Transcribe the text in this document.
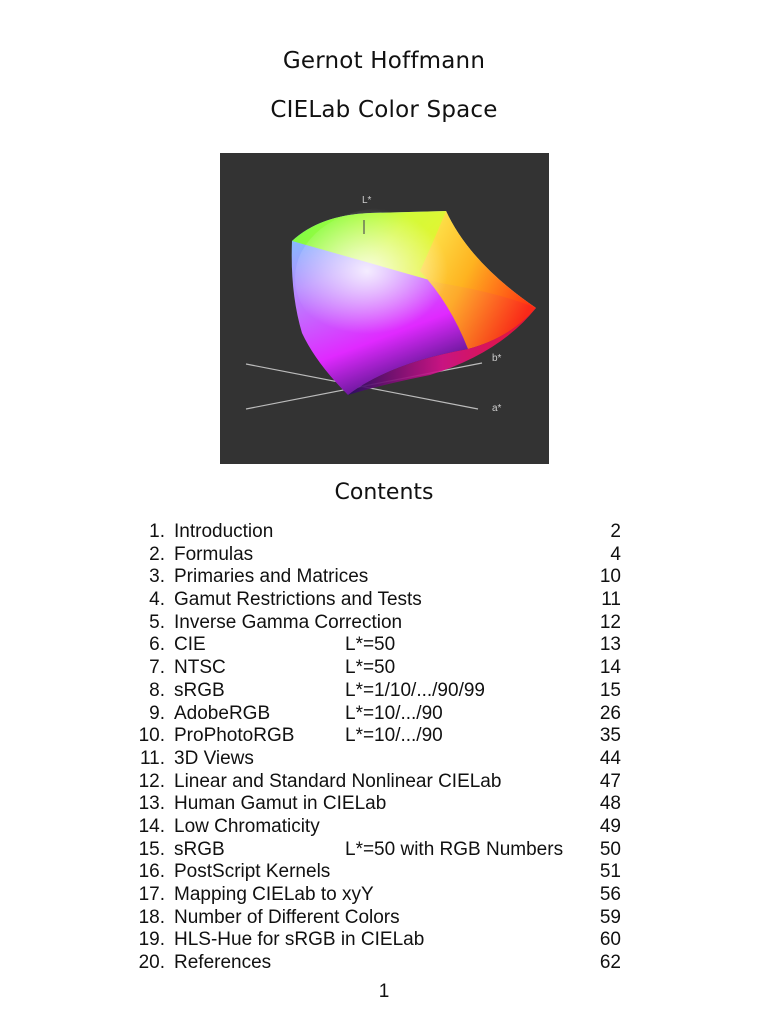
Gernot Hoffmann
CIELab Color Space
L*
b*
a*
Contents
1. Introduction	2
2. Formulas	4
3. Primaries and Matrices	10
4. Gamut Restrictions and Tests	11
5. Inverse Gamma Correction	12
6. CIE	L*=50	13
7. NTSC	L*=50	14
8. sRGB	L*=1/10/.../90/99	15
9. AdobeRGB	L*=10/.../90	26
10. ProPhotoRGB	L*=10/.../90	35
11. 3D Views	44
12. Linear and Standard Nonlinear CIELab	47
13. Human Gamut in CIELab	48
14. Low Chromaticity	49
15. sRGB	L*=50 with RGB Numbers 50
16. PostScript Kernels	51
17. Mapping CIELab to xyY	56
18. Number of Different Colors	59
19. HLS-Hue for sRGB in CIELab	60
20. References	62
1
